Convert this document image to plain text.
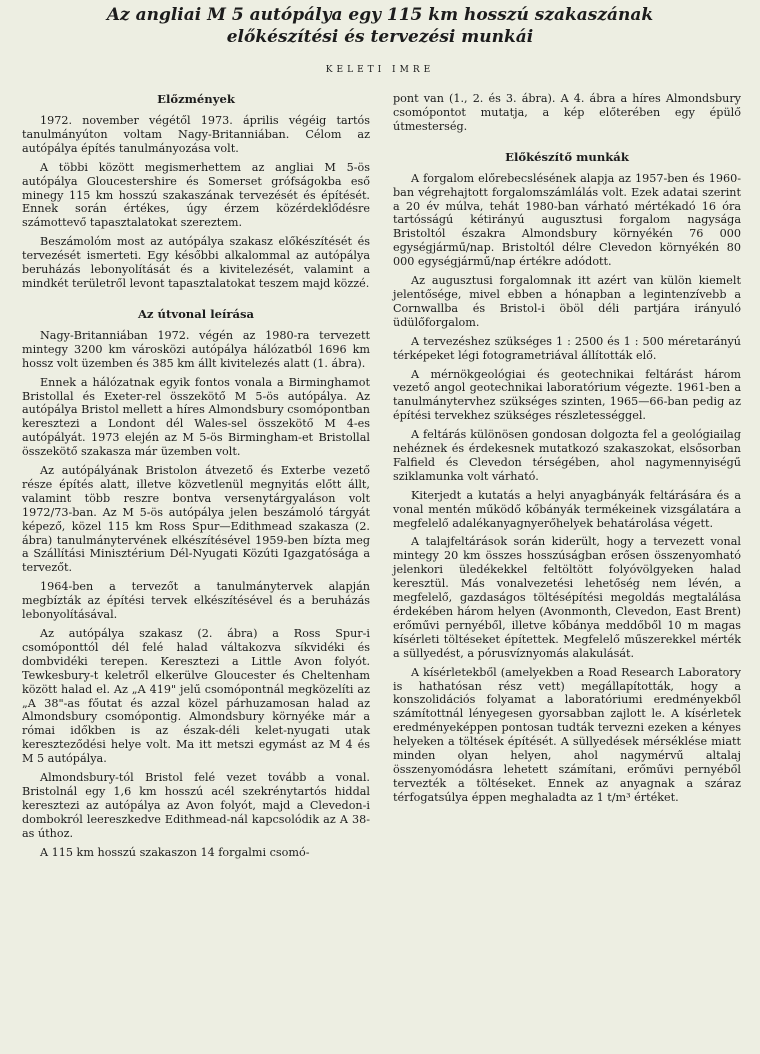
Az angliai M 5 autópálya egy 115 km hosszú szakaszának
előkészítési és tervezési munkái
KELETI IMRE
Előzmények

1972. november végétől 1973. április végéig tartós tanulmányúton voltam Nagy-Britanniában. Célom az autópálya építés tanulmányozása volt.

A többi között megismerhettem az angliai M 5-ös autópálya Gloucestershire és Somerset grófságokba eső minegy 115 km hosszú szakaszának tervezését és építését. Ennek során értékes, úgy érzem közérdeklődésre számottevő tapasztalatokat szereztem.

Beszámolóm most az autópálya szakasz előkészítését és tervezését ismerteti. Egy későbbi alkalommal az autópálya beruházás lebonyolítását és a kivitelezését, valamint a mindkét területről levont tapasztalatokat teszem majd közzé.

Az útvonal leírása

Nagy-Britanniában 1972. végén az 1980-ra tervezett mintegy 3200 km városközi autópálya hálózatból 1696 km hossz volt üzemben és 385 km állt kivitelezés alatt (1. ábra).

Ennek a hálózatnak egyik fontos vonala a Birminghamot Bristollal és Exeter-rel összekötő M 5-ös autópálya. Az autópálya Bristol mellett a híres Almondsbury csomópontban keresztezi a Londont dél Wales-sel összekötő M 4-es autópályát. 1973 elején az M 5-ös Birmingham-et Bristollal összekötő szakasza már üzemben volt.

Az autópályának Bristolon átvezető és Exterbe vezető része építés alatt, illetve közvetlenül megnyitás előtt állt, valamint több reszre bontva versenytárgyaláson volt 1972/73-ban. Az M 5-ös autópálya jelen beszámoló tárgyát képező, közel 115 km Ross Spur—Edithmead szakasza (2. ábra) tanulmánytervének elkészítésével 1959-ben bízta meg a Szállítási Minisztérium Dél-Nyugati Közúti Igazgatósága a tervezőt.

1964-ben a tervezőt a tanulmánytervek alapján megbízták az építési tervek elkészítésével és a beruházás lebonyolításával.

Az autópálya szakasz (2. ábra) a Ross Spur-i csomóponttól dél felé halad váltakozva síkvidéki és dombvidéki terepen. Keresztezi a Little Avon folyót. Tewkesbury-t keletről elkerülve Gloucester és Cheltenham között halad el. Az „A 419" jelű csomópontnál megközelíti az „A 38"-as főutat és azzal közel párhuzamosan halad az Almondsbury csomópontig. Almondsbury környéke már a római időkben is az észak-déli kelet-nyugati utak kereszteződési helye volt. Ma itt metszi egymást az M 4 és M 5 autópálya.

Almondsbury-tól Bristol felé vezet tovább a vonal. Bristolnál egy 1,6 km hosszú acél szekrénytartós hiddal keresztezi az autópálya az Avon folyót, majd a Clevedon-i dombokról leereszkedve Edithmead-nál kapcsolódik az A 38-as úthoz.

A 115 km hosszú szakaszon 14 forgalmi csomó-

pont van (1., 2. és 3. ábra). A 4. ábra a híres Almondsbury csomópontot mutatja, a kép előterében egy épülő útmesterség.

Előkészítő munkák

A forgalom előrebecslésének alapja az 1957-ben és 1960-ban végrehajtott forgalomszámlálás volt. Ezek adatai szerint a 20 év múlva, tehát 1980-ban várható mértékadó 16 óra tartósságú kétirányú augusztusi forgalom nagysága Bristoltól északra Almondsbury környékén 76 000 egységjármű/nap. Bristoltól délre Clevedon környékén 80 000 egységjármű/nap értékre adódott.

Az augusztusi forgalomnak itt azért van külön kiemelt jelentősége, mivel ebben a hónapban a legintenzívebb a Cornwallba és Bristol-i öböl déli partjára irányuló üdülőforgalom.

A tervezéshez szükséges 1 : 2500 és 1 : 500 méretarányú térképeket légi fotogrametriával állították elő.

A mérnökgeológiai és geotechnikai feltárást három vezető angol geotechnikai laboratórium végezte. 1961-ben a tanulmánytervhez szükséges szinten, 1965—66-ban pedig az építési tervekhez szükséges részletességgel.

A feltárás különösen gondosan dolgozta fel a geológiailag nehéznek és érdekesnek mutatkozó szakaszokat, elsősorban Falfield és Clevedon térségében, ahol nagymennyiségű sziklamunka volt várható.

Kiterjedt a kutatás a helyi anyagbányák feltárására és a vonal mentén működő kőbányák termékeinek vizsgálatára a megfelelő adalékanyagnyerőhelyek behatárolása végett.

A talajfeltárások során kiderült, hogy a tervezett vonal mintegy 20 km összes hosszúságban erősen összenyomható jelenkori üledékekkel feltöltött folyóvölgyeken halad keresztül. Más vonalvezetési lehetőség nem lévén, a megfelelő, gazdaságos töltésépítési megoldás megtalálása érdekében három helyen (Avonmonth, Clevedon, East Brent) erőművi pernyéből, illetve kőbánya meddőből 10 m magas kísérleti töltéseket építettek. Megfelelő műszerekkel mérték a süllyedést, a pórusvíznyomás alakulását.

A kísérletekből (amelyekben a Road Research Laboratory is hathatósan rész vett) megállapították, hogy a konszolidációs folyamat a laboratóriumi eredményekből számítottnál lényegesen gyorsabban zajlott le. A kísérletek eredményeképpen pontosan tudták tervezni ezeken a kényes helyeken a töltések építését. A süllyedések mérséklése miatt minden olyan helyen, ahol nagymérvű altalaj összenyomódásra lehetett számítani, erőművi pernyéből tervezték a töltéseket. Ennek az anyagnak a száraz térfogatsúlya éppen meghaladta az 1 t/m³ értéket.
